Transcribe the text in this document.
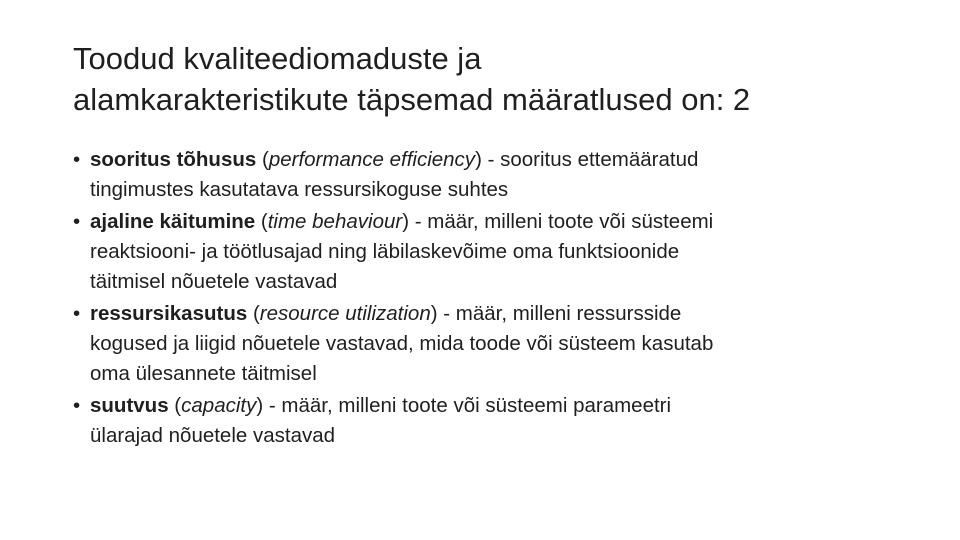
Toodud kvaliteediomaduste ja
alamkarakteristikute täpsemad määratlused on: 2
• sooritus tõhusus (performance efficiency) - sooritus ettemääratud
tingimustes kasutatava ressursikoguse suhtes
• ajaline käitumine (time behaviour) - määr, milleni toote või süsteemi
reaktsiooni- ja töötlusajad ning läbilaskevõime oma funktsioonide
täitmisel nõuetele vastavad
• ressursikasutus (resource utilization) - määr, milleni ressursside
kogused ja liigid nõuetele vastavad, mida toode või süsteem kasutab
oma ülesannete täitmisel
• suutvus (capacity) - määr, milleni toote või süsteemi parameetri
ülarajad nõuetele vastavad
